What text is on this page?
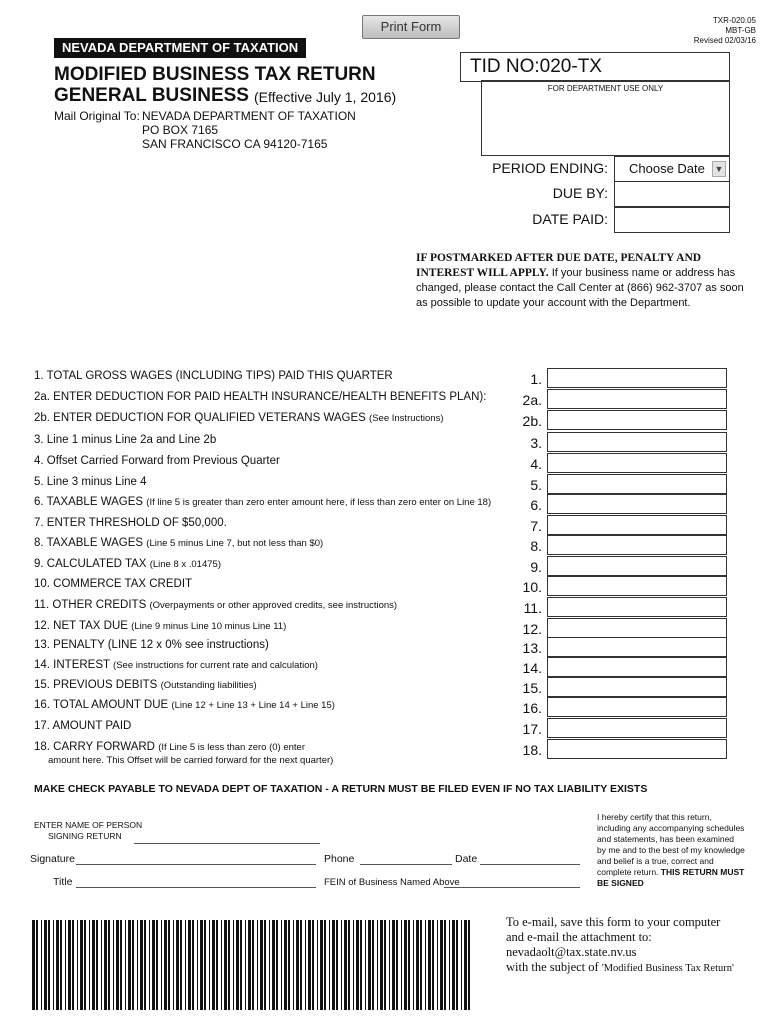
Print Form	TXR-020.05
MBT-GB
Revised 02/03/16
NEVADA DEPARTMENT OF TAXATION
MODIFIED BUSINESS TAX RETURN
GENERAL BUSINESS (Effective July 1, 2016)
TID NO:020-TX
FOR DEPARTMENT USE ONLY
Mail Original To: NEVADA DEPARTMENT OF TAXATION
PO BOX 7165
SAN FRANCISCO CA 94120-7165
PERIOD ENDING:	Choose Date ▼
DUE BY:
DATE PAID:
IF POSTMARKED AFTER DUE DATE, PENALTY AND INTEREST WILL APPLY. If your business name or address has changed, please contact the Call Center at (866) 962-3707 as soon as possible to update your account with the Department.
1. TOTAL GROSS WAGES (INCLUDING TIPS) PAID THIS QUARTER	1.
2a. ENTER DEDUCTION FOR PAID HEALTH INSURANCE/HEALTH BENEFITS PLAN):	2a.
2b. ENTER DEDUCTION FOR QUALIFIED VETERANS WAGES (See Instructions)	2b.
3. Line 1 minus Line 2a and Line 2b	3.
4. Offset Carried Forward from Previous Quarter	4.
5. Line 3 minus Line 4	5.
6. TAXABLE WAGES (If line 5 is greater than zero enter amount here, if less than zero enter on Line 18)	6.
7. ENTER THRESHOLD OF $50,000.	7.
8. TAXABLE WAGES (Line 5 minus Line 7, but not less than $0)	8.
9. CALCULATED TAX (Line 8 x .01475)	9.
10. COMMERCE TAX CREDIT	10.
11. OTHER CREDITS (Overpayments or other approved credits, see instructions)	11.
12. NET TAX DUE (Line 9 minus Line 10 minus Line 11)	12.
13. PENALTY (LINE 12 x 0% see instructions)	13.
14. INTEREST (See instructions for current rate and calculation)	14.
15. PREVIOUS DEBITS (Outstanding liabilities)	15.
16. TOTAL AMOUNT DUE (Line 12 + Line 13 + Line 14 + Line 15)	16.
17. AMOUNT PAID	17.
18. CARRY FORWARD (If Line 5 is less than zero (0) enter	18.
amount here. This Offset will be carried forward for the next quarter)
MAKE CHECK PAYABLE TO NEVADA DEPT OF TAXATION - A RETURN MUST BE FILED EVEN IF NO TAX LIABILITY EXISTS
ENTER NAME OF PERSON
SIGNING RETURN
Signature	Phone	Date
Title	FEIN of Business Named Above
I hereby certify that this return, including any accompanying schedules and statements, has been examined by me and to the best of my knowledge and belief is a true, correct and complete return. THIS RETURN MUST BE SIGNED
To e-mail, save this form to your computer
and e-mail the attachment to:
nevadaolt@tax.state.nv.us
with the subject of 'Modified Business Tax Return'
